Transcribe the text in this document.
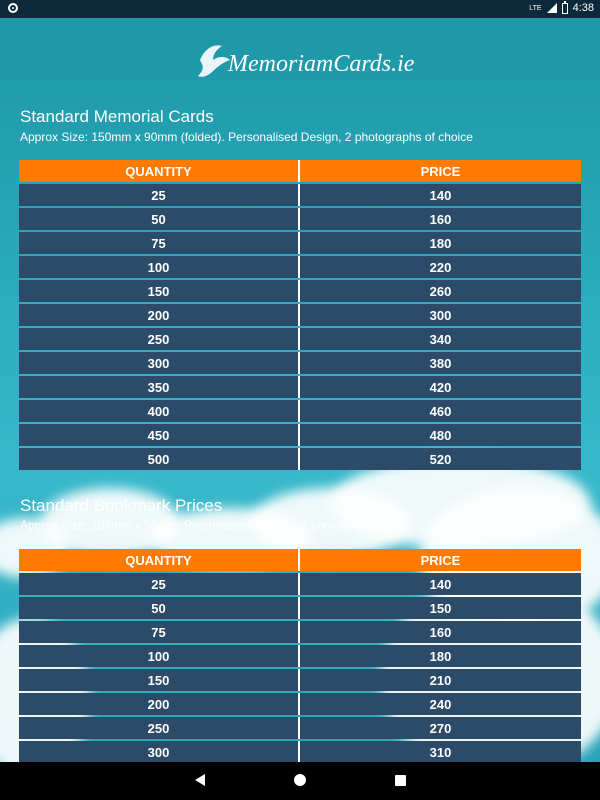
LTE	4:38
MemoriamCards.ie
Standard Memorial Cards
Approx Size: 150mm x 90mm (folded). Personalised Design, 2 photographs of choice
QUANTITY	PRICE
25	140
50	160
75	180
100	220
150	260
200	300
250	340
300	380
350	420
400	460
450	480
500	520
Standard Bookmark Prices
Approx Size: 195mm x 55mm. Personalised Design, 2 photographs
QUANTITY	PRICE
25	140
50	150
75	160
100	180
150	210
200	240
250	270
300	310
